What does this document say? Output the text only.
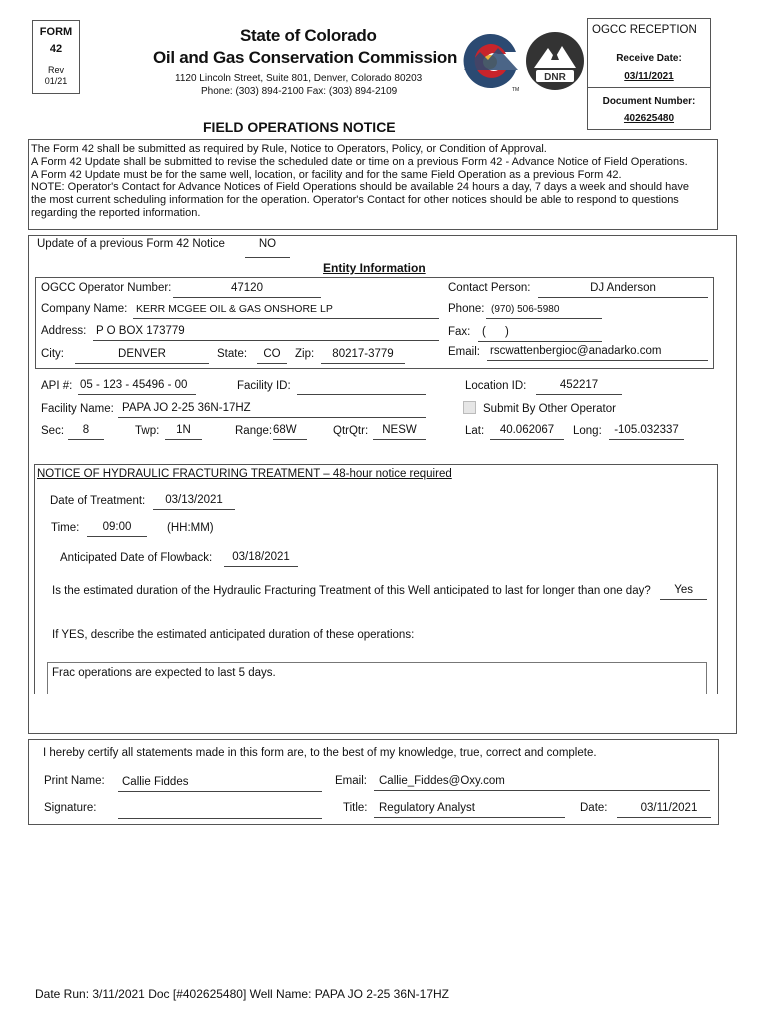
FORM
42
Rev
01/21
State of Colorado
Oil and Gas Conservation Commission
1120 Lincoln Street, Suite 801, Denver, Colorado 80203
Phone: (303) 894-2100 Fax: (303) 894-2109
DNR
TM
OGCC RECEPTION
Receive Date:
03/11/2021
Document Number:
402625480
FIELD OPERATIONS NOTICE
The Form 42 shall be submitted as required by Rule, Notice to Operators, Policy, or Condition of Approval.
A Form 42 Update shall be submitted to revise the scheduled date or time on a previous Form 42 - Advance Notice of Field Operations.
A Form 42 Update must be for the same well, location, or facility and for the same Field Operation as a previous Form 42.
NOTE: Operator's Contact for Advance Notices of Field Operations should be available 24 hours a day, 7 days a week and should have
the most current scheduling information for the operation. Operator's Contact for other notices should be able to respond to questions
regarding the reported information.
Update of a previous Form 42 Notice	NO
Entity Information
OGCC Operator Number:	47120	Contact Person:	DJ Anderson
Company Name: KERR MCGEE OIL & GAS ONSHORE LP	Phone: (970) 506-5980
Address: P O BOX 173779	Fax:	(      )
City:	DENVER	State:	CO	Zip:	80217-3779	Email: rscwattenbergioc@anadarko.com
API #: 05 - 123 - 45496 - 00	Facility ID:	Location ID:	452217
Facility Name: PAPA JO 2-25 36N-17HZ	Submit By Other Operator
Sec:	8	Twp:	1N	Range: 68W	QtrQtr:	NESW	Lat:	40.062067	Long:	-105.032337
NOTICE OF HYDRAULIC FRACTURING TREATMENT – 48-hour notice required
Date of Treatment:	03/13/2021
Time:	09:00	(HH:MM)
Anticipated Date of Flowback:	03/18/2021
Is the estimated duration of the Hydraulic Fracturing Treatment of this Well anticipated to last for longer than one day?	Yes
If YES, describe the estimated anticipated duration of these operations:
Frac operations are expected to last 5 days.
I hereby certify all statements made in this form are, to the best of my knowledge, true, correct and complete.
Print Name:	Callie Fiddes	Email:	Callie_Fiddes@Oxy.com
Signature:	Title:	Regulatory Analyst	Date:	03/11/2021
Date Run: 3/11/2021 Doc [#402625480] Well Name: PAPA JO 2-25 36N-17HZ
